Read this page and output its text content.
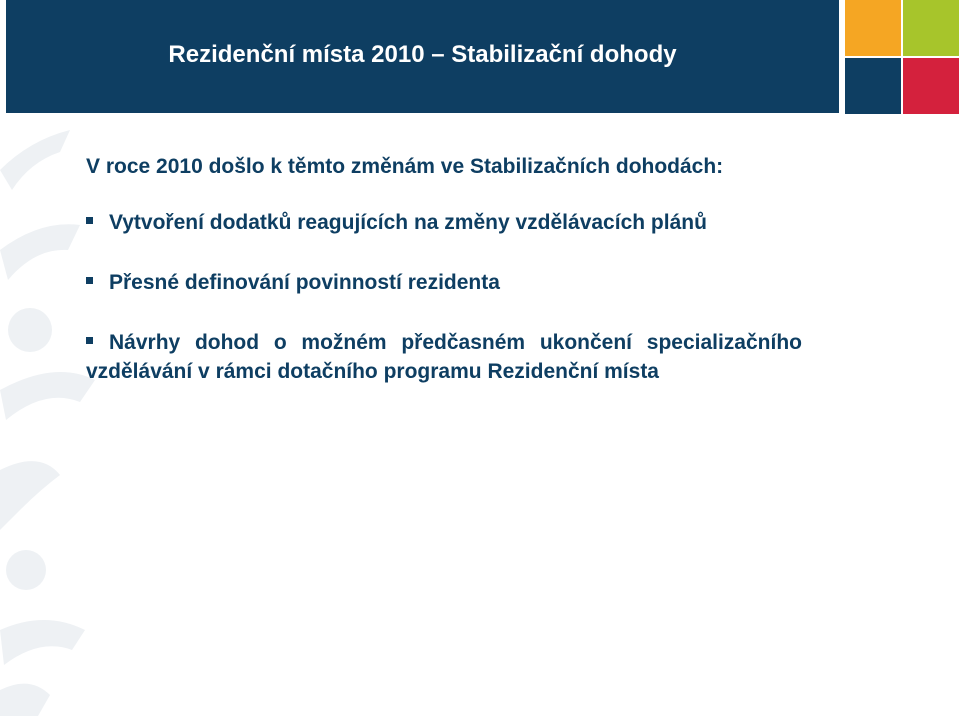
Rezidenční místa 2010 – Stabilizační dohody
V roce 2010 došlo k těmto změnám ve Stabilizačních dohodách:
Vytvoření dodatků reagujících na změny vzdělávacích plánů
Přesné definování povinností rezidenta
Návrhy dohod o možném předčasném ukončení specializačního vzdělávání v rámci dotačního programu Rezidenční místa
